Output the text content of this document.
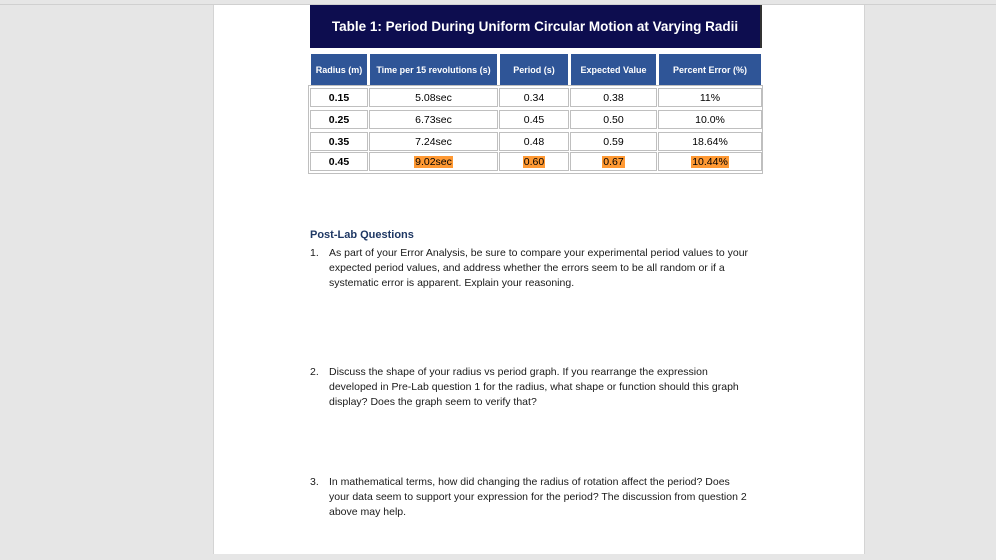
Table 1: Period During Uniform Circular Motion at Varying Radii
Radius (m)	Time per 15 revolutions (s)	Period (s)	Expected Value	Percent Error (%)
0.15	5.08sec	0.34	0.38	11%
0.25	6.73sec	0.45	0.50	10.0%
0.35	7.24sec	0.48	0.59	18.64%
0.45	9.02sec	0.60	0.67	10.44%
Post-Lab Questions
1. As part of your Error Analysis, be sure to compare your experimental period values to your expected period values, and address whether the errors seem to be all random or if a systematic error is apparent. Explain your reasoning.
2. Discuss the shape of your radius vs period graph. If you rearrange the expression developed in Pre-Lab question 1 for the radius, what shape or function should this graph display? Does the graph seem to verify that?
3. In mathematical terms, how did changing the radius of rotation affect the period? Does your data seem to support your expression for the period? The discussion from question 2 above may help.
